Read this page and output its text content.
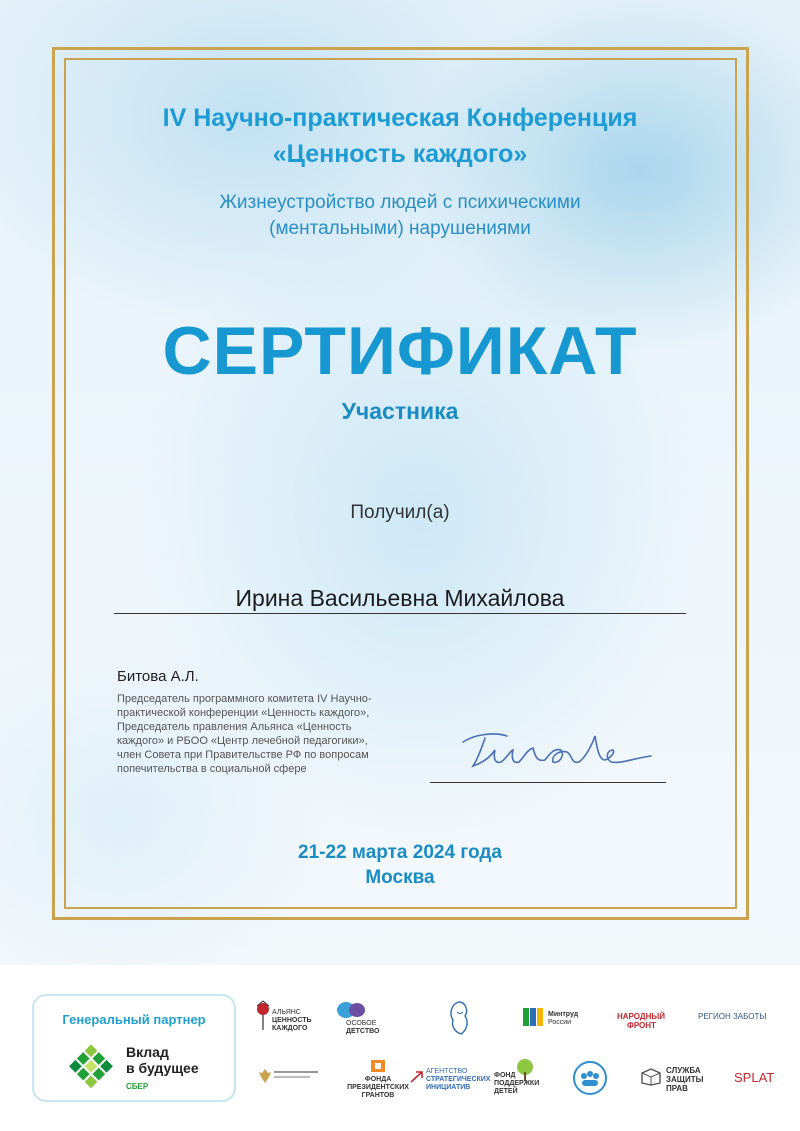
IV Научно-практическая Конференция
«Ценность каждого»
Жизнеустройство людей с психическими
(ментальными) нарушениями
СЕРТИФИКАТ
Участника
Получил(а)
Ирина Васильевна Михайлова
Битова А.Л.
Председатель программного комитета IV Научно-
практической конференции «Ценность каждого»,
Председатель правления Альянса «Ценность
каждого» и РБОО «Центр лечебной педагогики»,
член Совета при Правительстве РФ по вопросам
попечительства в социальной сфере
21-22 марта 2024 года
Москва
Генеральный партнер
Вклад
в будущее
СБЕР
АЛЬЯНС
ЦЕННОСТЬ
КАЖДОГО
ОСОБОЕ
ДЕТСТВО
Минтруд
России
НАРОДНЫЙ
ФРОНТ
РЕГИОН ЗАБОТЫ
ФОНДА
ПРЕЗИДЕНТСКИХ
ГРАНТОВ
АГЕНТСТВО
СТРАТЕГИЧЕСКИХ
ИНИЦИАТИВ
ФОНД
ПОДДЕРЖКИ
ДЕТЕЙ
СЛУЖБА
ЗАЩИТЫ
ПРАВ
SPLAT
